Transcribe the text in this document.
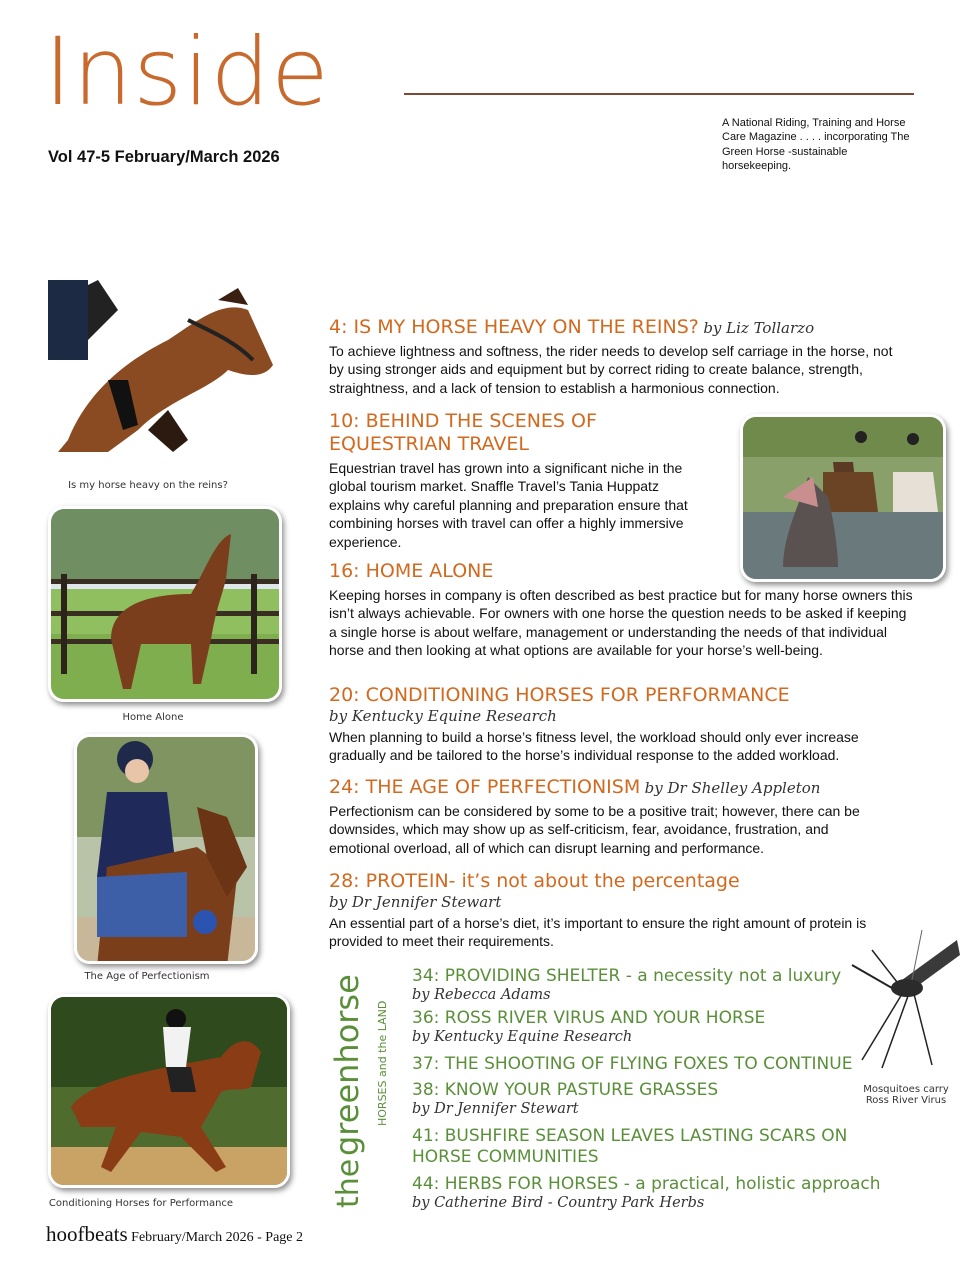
Inside
Vol 47-5 February/March 2026
A National Riding, Training and Horse Care Magazine . . . . incorporating The Green Horse -sustainable horsekeeping.
Is my horse heavy on the reins?
Home Alone
The Age of Perfectionism
Conditioning Horses for Performance
4: IS MY HORSE HEAVY ON THE REINS? by Liz Tollarzo
To achieve lightness and softness, the rider needs to develop self carriage in the horse, not by using stronger aids and equipment but by correct riding to create balance, strength, straightness, and a lack of tension to establish a harmonious connection.
10: BEHIND THE SCENES OF EQUESTRIAN TRAVEL
Equestrian travel has grown into a significant niche in the global tourism market. Snaffle Travel’s Tania Huppatz explains why careful planning and preparation ensure that combining horses with travel can offer a highly immersive experience.
16: HOME ALONE
Keeping horses in company is often described as best practice but for many horse owners this isn’t always achievable. For owners with one horse the question needs to be asked if keeping a single horse is about welfare, management or understanding the needs of that individual horse and then looking at what options are available for your horse’s well-being.
20: CONDITIONING HORSES FOR PERFORMANCE
by Kentucky Equine Research
When planning to build a horse’s fitness level, the workload should only ever increase gradually and be tailored to the horse’s individual response to the added workload.
24: THE AGE OF PERFECTIONISM by Dr Shelley Appleton
Perfectionism can be considered by some to be a positive trait; however, there can be downsides, which may show up as self-criticism, fear, avoidance, frustration, and emotional overload, all of which can disrupt learning and performance.
28: PROTEIN- it’s not about the percentage
by Dr Jennifer Stewart
An essential part of a horse’s diet, it’s important to ensure the right amount of protein is provided to meet their requirements.
the
greenhorse HORSES and the LAND
34: PROVIDING SHELTER - a necessity not a luxury
by Rebecca Adams
36: ROSS RIVER VIRUS AND YOUR HORSE
by Kentucky Equine Research
37: THE SHOOTING OF FLYING FOXES TO CONTINUE
38: KNOW YOUR PASTURE GRASSES
by Dr Jennifer Stewart
41: BUSHFIRE SEASON LEAVES LASTING SCARS ON HORSE COMMUNITIES
44: HERBS FOR HORSES - a practical, holistic approach
by Catherine Bird - Country Park Herbs
Mosquitoes carry Ross River Virus
hoofbeats February/March 2026 - Page 2
